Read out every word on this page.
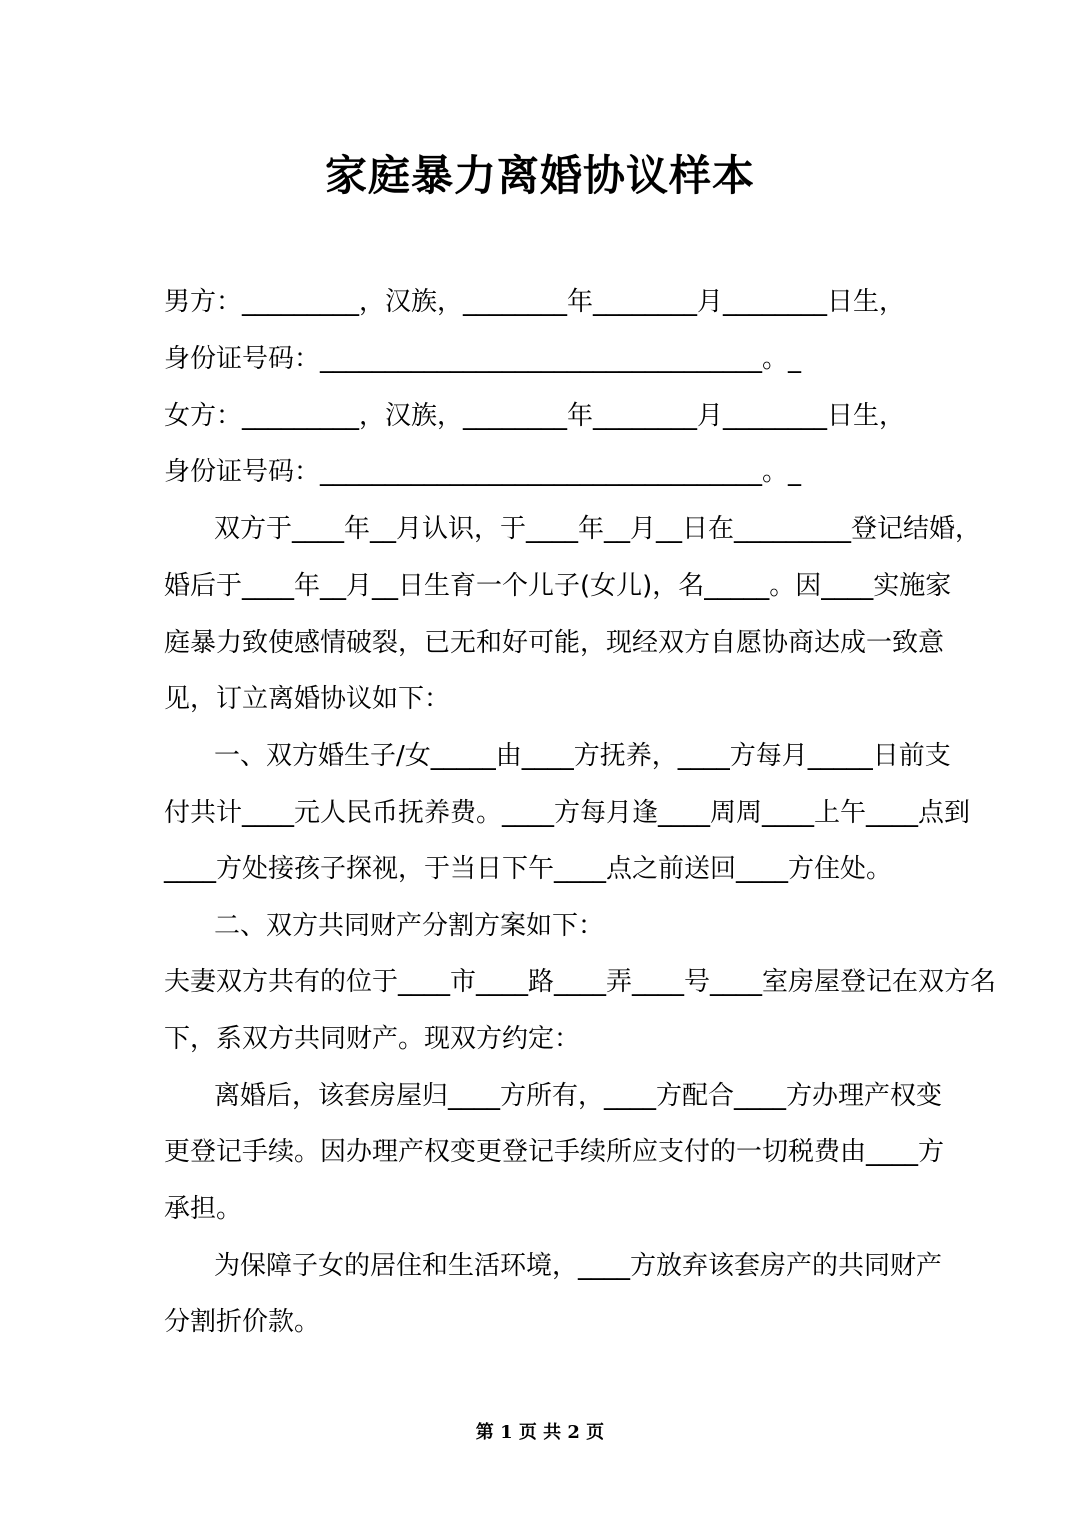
家庭暴力离婚协议样本
男方：_________，汉族，________年________月________日生，
身份证号码：__________________________________。_
女方：_________，汉族，________年________月________日生，
身份证号码：__________________________________。_
双方于____年__月认识，于____年__月__日在_________登记结婚，
婚后于____年__月__日生育一个儿子(女儿)，名_____。因____实施家
庭暴力致使感情破裂，已无和好可能，现经双方自愿协商达成一致意
见，订立离婚协议如下：
一、双方婚生子/女_____由____方抚养，____方每月_____日前支
付共计____元人民币抚养费。____方每月逢____周周____上午____点到
____方处接孩子探视，于当日下午____点之前送回____方住处。
二、双方共同财产分割方案如下：
夫妻双方共有的位于____市____路____弄____号____室房屋登记在双方名
下，系双方共同财产。现双方约定：
离婚后，该套房屋归____方所有，____方配合____方办理产权变
更登记手续。因办理产权变更登记手续所应支付的一切税费由____方
承担。
为保障子女的居住和生活环境，____方放弃该套房产的共同财产
分割折价款。
第 1 页 共 2 页
